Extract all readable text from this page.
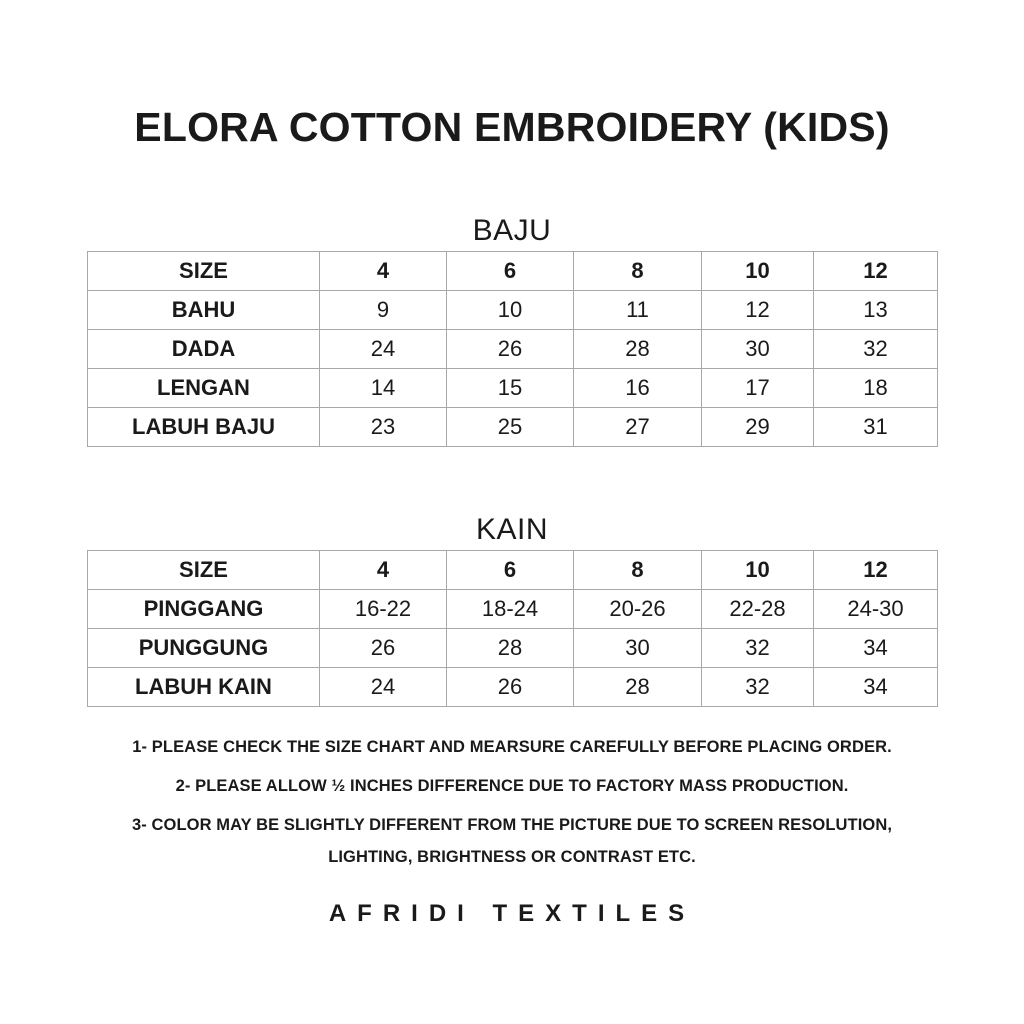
ELORA COTTON EMBROIDERY (KIDS)
BAJU
SIZE	4	6	8	10	12
BAHU	9	10	11	12	13
DADA	24	26	28	30	32
LENGAN	14	15	16	17	18
LABUH BAJU	23	25	27	29	31
KAIN
SIZE	4	6	8	10	12
PINGGANG	16-22	18-24	20-26	22-28	24-30
PUNGGUNG	26	28	30	32	34
LABUH KAIN	24	26	28	32	34
1- PLEASE CHECK THE SIZE CHART AND MEARSURE CAREFULLY BEFORE PLACING ORDER.
2- PLEASE ALLOW ½ INCHES DIFFERENCE DUE TO FACTORY MASS PRODUCTION.
3- COLOR MAY BE SLIGHTLY DIFFERENT FROM THE PICTURE DUE TO SCREEN RESOLUTION,
LIGHTING, BRIGHTNESS OR CONTRAST ETC.
AFRIDI TEXTILES
